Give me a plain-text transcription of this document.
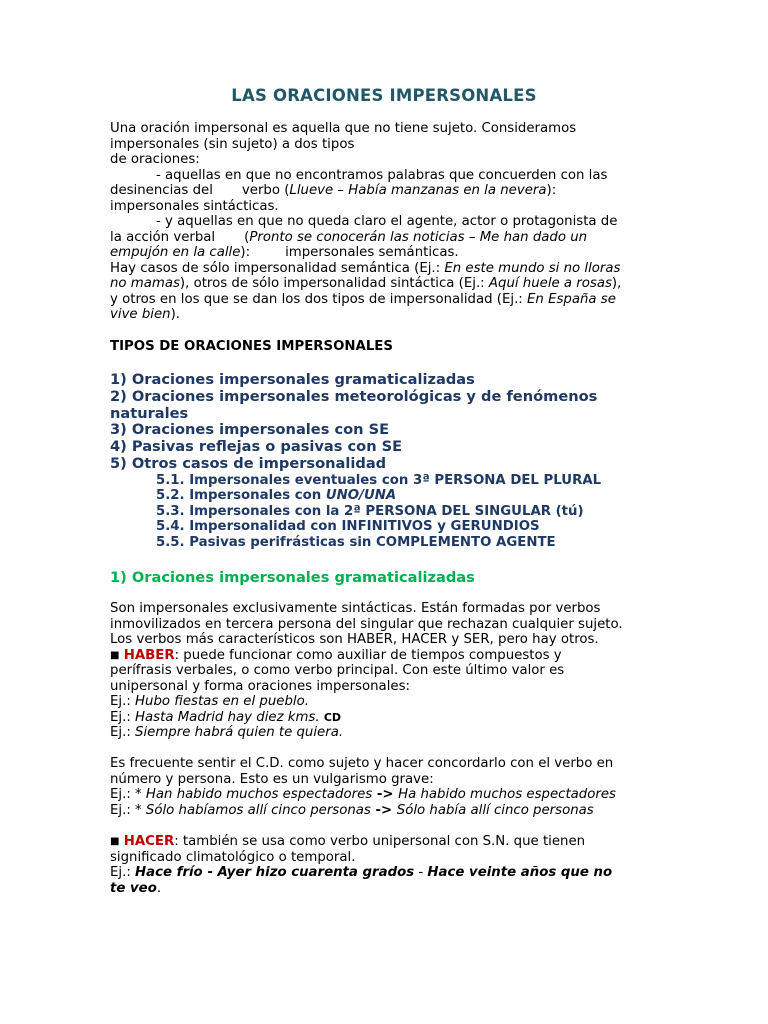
LAS ORACIONES IMPERSONALES
Una oración impersonal es aquella que no tiene sujeto. Consideramos
impersonales (sin sujeto) a dos tipos
de oraciones:
- aquellas en que no encontramos palabras que concuerden con las
desinencias del verbo (Llueve – Había manzanas en la nevera):
impersonales sintácticas.
- y aquellas en que no queda claro el agente, actor o protagonista de
la acción verbal (Pronto se conocerán las noticias – Me han dado un
empujón en la calle):	impersonales semánticas.
Hay casos de sólo impersonalidad semántica (Ej.: En este mundo si no lloras
no mamas), otros de sólo impersonalidad sintáctica (Ej.: Aquí huele a rosas),
y otros en los que se dan los dos tipos de impersonalidad (Ej.: En España se
vive bien).
TIPOS DE ORACIONES IMPERSONALES
1) Oraciones impersonales gramaticalizadas
2) Oraciones impersonales meteorológicas y de fenómenos
naturales
3) Oraciones impersonales con SE
4) Pasivas reflejas o pasivas con SE
5) Otros casos de impersonalidad
5.1. Impersonales eventuales con 3ª PERSONA DEL PLURAL
5.2. Impersonales con UNO/UNA
5.3. Impersonales con la 2ª PERSONA DEL SINGULAR (tú)
5.4. Impersonalidad con INFINITIVOS y GERUNDIOS
5.5. Pasivas perifrásticas sin COMPLEMENTO AGENTE
1) Oraciones impersonales gramaticalizadas
Son impersonales exclusivamente sintácticas. Están formadas por verbos
inmovilizados en tercera persona del singular que rechazan cualquier sujeto.
Los verbos más característicos son HABER, HACER y SER, pero hay otros.
■ HABER: puede funcionar como auxiliar de tiempos compuestos y
perífrasis verbales, o como verbo principal. Con este último valor es
unipersonal y forma oraciones impersonales:
Ej.: Hubo fiestas en el pueblo.
Ej.: Hasta Madrid hay diez kms. CD
Ej.: Siempre habrá quien te quiera.
Es frecuente sentir el C.D. como sujeto y hacer concordarlo con el verbo en
número y persona. Esto es un vulgarismo grave:
Ej.: * Han habido muchos espectadores -> Ha habido muchos espectadores
Ej.: * Sólo habíamos allí cinco personas -> Sólo había allí cinco personas
■ HACER: también se usa como verbo unipersonal con S.N. que tienen
significado climatológico o temporal.
Ej.: Hace frío - Ayer hizo cuarenta grados - Hace veinte años que no
te veo.
